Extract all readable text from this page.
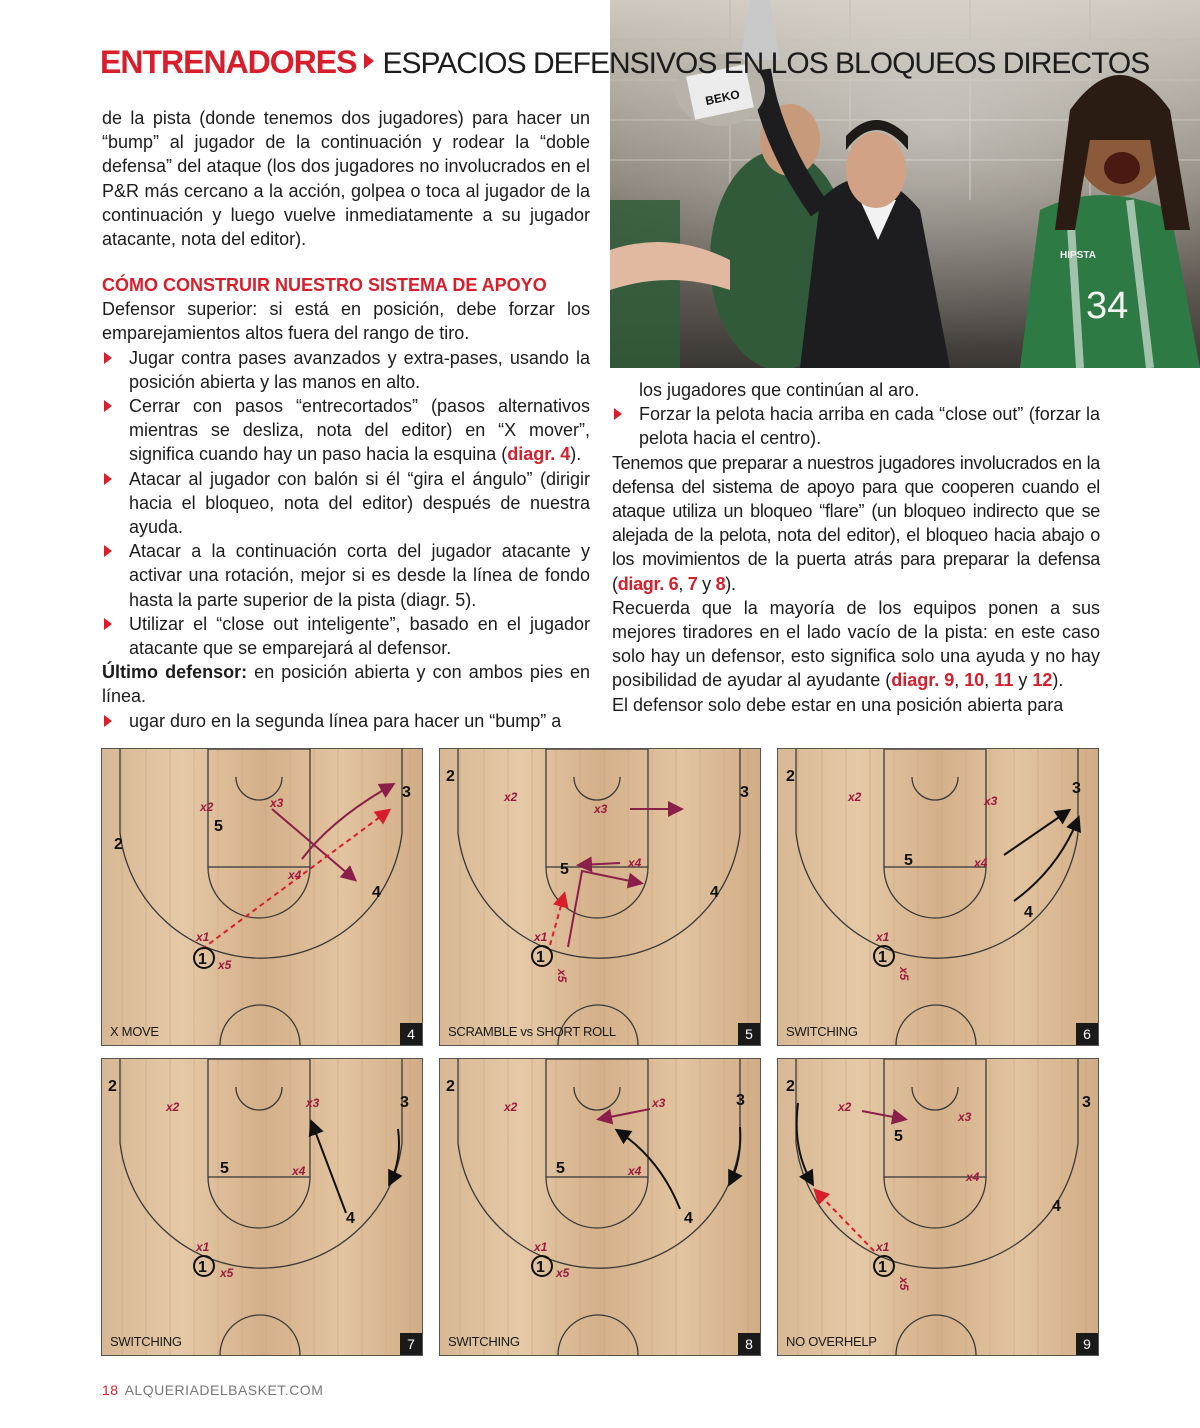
ENTRENADORES ESPACIOS DEFENSIVOS EN LOS BLOQUEOS DIRECTOS
BEKO
34
HIPSTA

de la pista (donde tenemos dos jugadores) para hacer un “bump” al jugador de la continuación y rodear la “doble defensa” del ataque (los dos jugadores no involucrados en el P&R más cercano a la acción, golpea o toca al jugador de la continuación y luego vuelve inmediatamente a su jugador atacante, nota del editor).

CÓMO CONSTRUIR NUESTRO SISTEMA DE APOYO

Defensor superior: si está en posición, debe forzar los emparejamientos altos fuera del rango de tiro.

Jugar contra pases avanzados y extra-pases, usando la posición abierta y las manos en alto.
Cerrar con pasos “entrecortados” (pasos alternativos mientras se desliza, nota del editor) en “X mover”, significa cuando hay un paso hacia la esquina (diagr. 4).
Atacar al jugador con balón si él “gira el ángulo” (dirigir hacia el bloqueo, nota del editor) después de nuestra ayuda.
Atacar a la continuación corta del jugador atacante y activar una rotación, mejor si es desde la línea de fondo hasta la parte superior de la pista (diagr. 5).
Utilizar el “close out inteligente”, basado en el jugador atacante que se emparejará al defensor.

Último defensor: en posición abierta y con ambos pies en línea.

ugar duro en la segunda línea para hacer un “bump” a
los jugadores que continúan al aro.
Forzar la pelota hacia arriba en cada “close out” (forzar la pelota hacia el centro).

Tenemos que preparar a nuestros jugadores involucrados en la defensa del sistema de apoyo para que cooperen cuando el ataque utiliza un bloqueo “flare” (un bloqueo indirecto que se alejada de la pelota, nota del editor), el bloqueo hacia abajo o los movimientos de la puerta atrás para preparar la defensa (diagr. 6, 7 y 8).

Recuerda que la mayoría de los equipos ponen a sus mejores tiradores en el lado vacío de la pista: en este caso solo hay un defensor, esto significa solo una ayuda y no hay posibilidad de ayudar al ayudante (diagr. 9, 10, 11 y 12).

El defensor solo debe estar en una posición abierta para

1
2
3
4
5
x1
x2	x3
x4
x5
X MOVE	4
1
2
3
4
5
x1
x2
x3
x4
x5
SCRAMBLE vs SHORT ROLL	5
1
2
3
4
5
x1
x2	x3
x4
x5
SWITCHING	6
1
2
3
4
5
x1
x2	x3
x4
x5
SWITCHING	7
1
2
3
4
5
x1
x2	x3
x4
x5
SWITCHING	8
1
2
3
4
5
x1
x2
x3
x4
x5
NO OVERHELP	9
18 ALQUERIADELBASKET.COM
